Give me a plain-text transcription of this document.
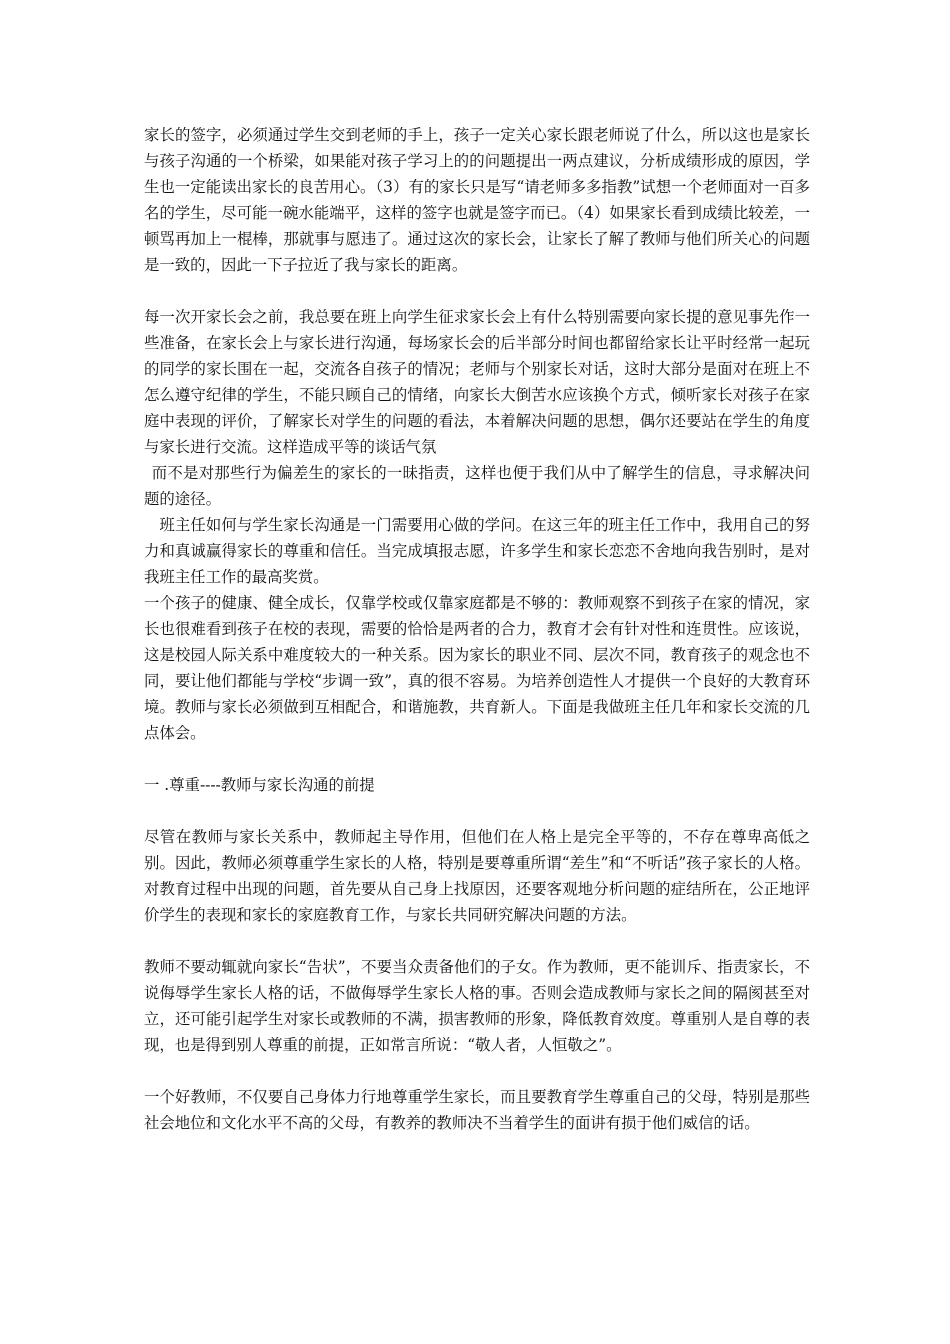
家长的签字，必须通过学生交到老师的手上，孩子一定关心家长跟老师说了什么，所以这也是家长与孩子沟通的一个桥梁，如果能对孩子学习上的的问题提出一两点建议，分析成绩形成的原因，学生也一定能读出家长的良苦用心。（3）有的家长只是写“请老师多多指教”试想一个老师面对一百多名的学生，尽可能一碗水能端平，这样的签字也就是签字而已。（4）如果家长看到成绩比较差，一顿骂再加上一棍棒，那就事与愿违了。通过这次的家长会，让家长了解了教师与他们所关心的问题是一致的，因此一下子拉近了我与家长的距离。

每一次开家长会之前，我总要在班上向学生征求家长会上有什么特别需要向家长提的意见事先作一些准备，在家长会上与家长进行沟通，每场家长会的后半部分时间也都留给家长让平时经常一起玩的同学的家长围在一起，交流各自孩子的情况；老师与个别家长对话，这时大部分是面对在班上不怎么遵守纪律的学生，不能只顾自己的情绪，向家长大倒苦水应该换个方式，倾听家长对孩子在家庭中表现的评价，了解家长对学生的问题的看法，本着解决问题的思想，偶尔还要站在学生的角度与家长进行交流。这样造成平等的谈话气氛

而不是对那些行为偏差生的家长的一昧指责，这样也便于我们从中了解学生的信息，寻求解决问题的途径。

班主任如何与学生家长沟通是一门需要用心做的学问。在这三年的班主任工作中，我用自己的努力和真诚赢得家长的尊重和信任。当完成填报志愿，许多学生和家长恋恋不舍地向我告别时，是对我班主任工作的最高奖赏。

一个孩子的健康、健全成长，仅靠学校或仅靠家庭都是不够的：教师观察不到孩子在家的情况，家长也很难看到孩子在校的表现，需要的恰恰是两者的合力，教育才会有针对性和连贯性。应该说，这是校园人际关系中难度较大的一种关系。因为家长的职业不同、层次不同，教育孩子的观念也不同，要让他们都能与学校“步调一致”，真的很不容易。为培养创造性人才提供一个良好的大教育环境。教师与家长必须做到互相配合，和谐施教，共育新人。下面是我做班主任几年和家长交流的几点体会。

一 .尊重----教师与家长沟通的前提

尽管在教师与家长关系中，教师起主导作用，但他们在人格上是完全平等的，不存在尊卑高低之别。因此，教师必须尊重学生家长的人格，特别是要尊重所谓“差生”和“不听话”孩子家长的人格。对教育过程中出现的问题，首先要从自己身上找原因，还要客观地分析问题的症结所在，公正地评价学生的表现和家长的家庭教育工作，与家长共同研究解决问题的方法。

教师不要动辄就向家长“告状”，不要当众责备他们的子女。作为教师，更不能训斥、指责家长，不说侮辱学生家长人格的话，不做侮辱学生家长人格的事。否则会造成教师与家长之间的隔阂甚至对立，还可能引起学生对家长或教师的不满，损害教师的形象，降低教育效度。尊重别人是自尊的表现，也是得到别人尊重的前提，正如常言所说：“敬人者，人恒敬之”。

一个好教师，不仅要自己身体力行地尊重学生家长，而且要教育学生尊重自己的父母，特别是那些社会地位和文化水平不高的父母，有教养的教师决不当着学生的面讲有损于他们威信的话。
